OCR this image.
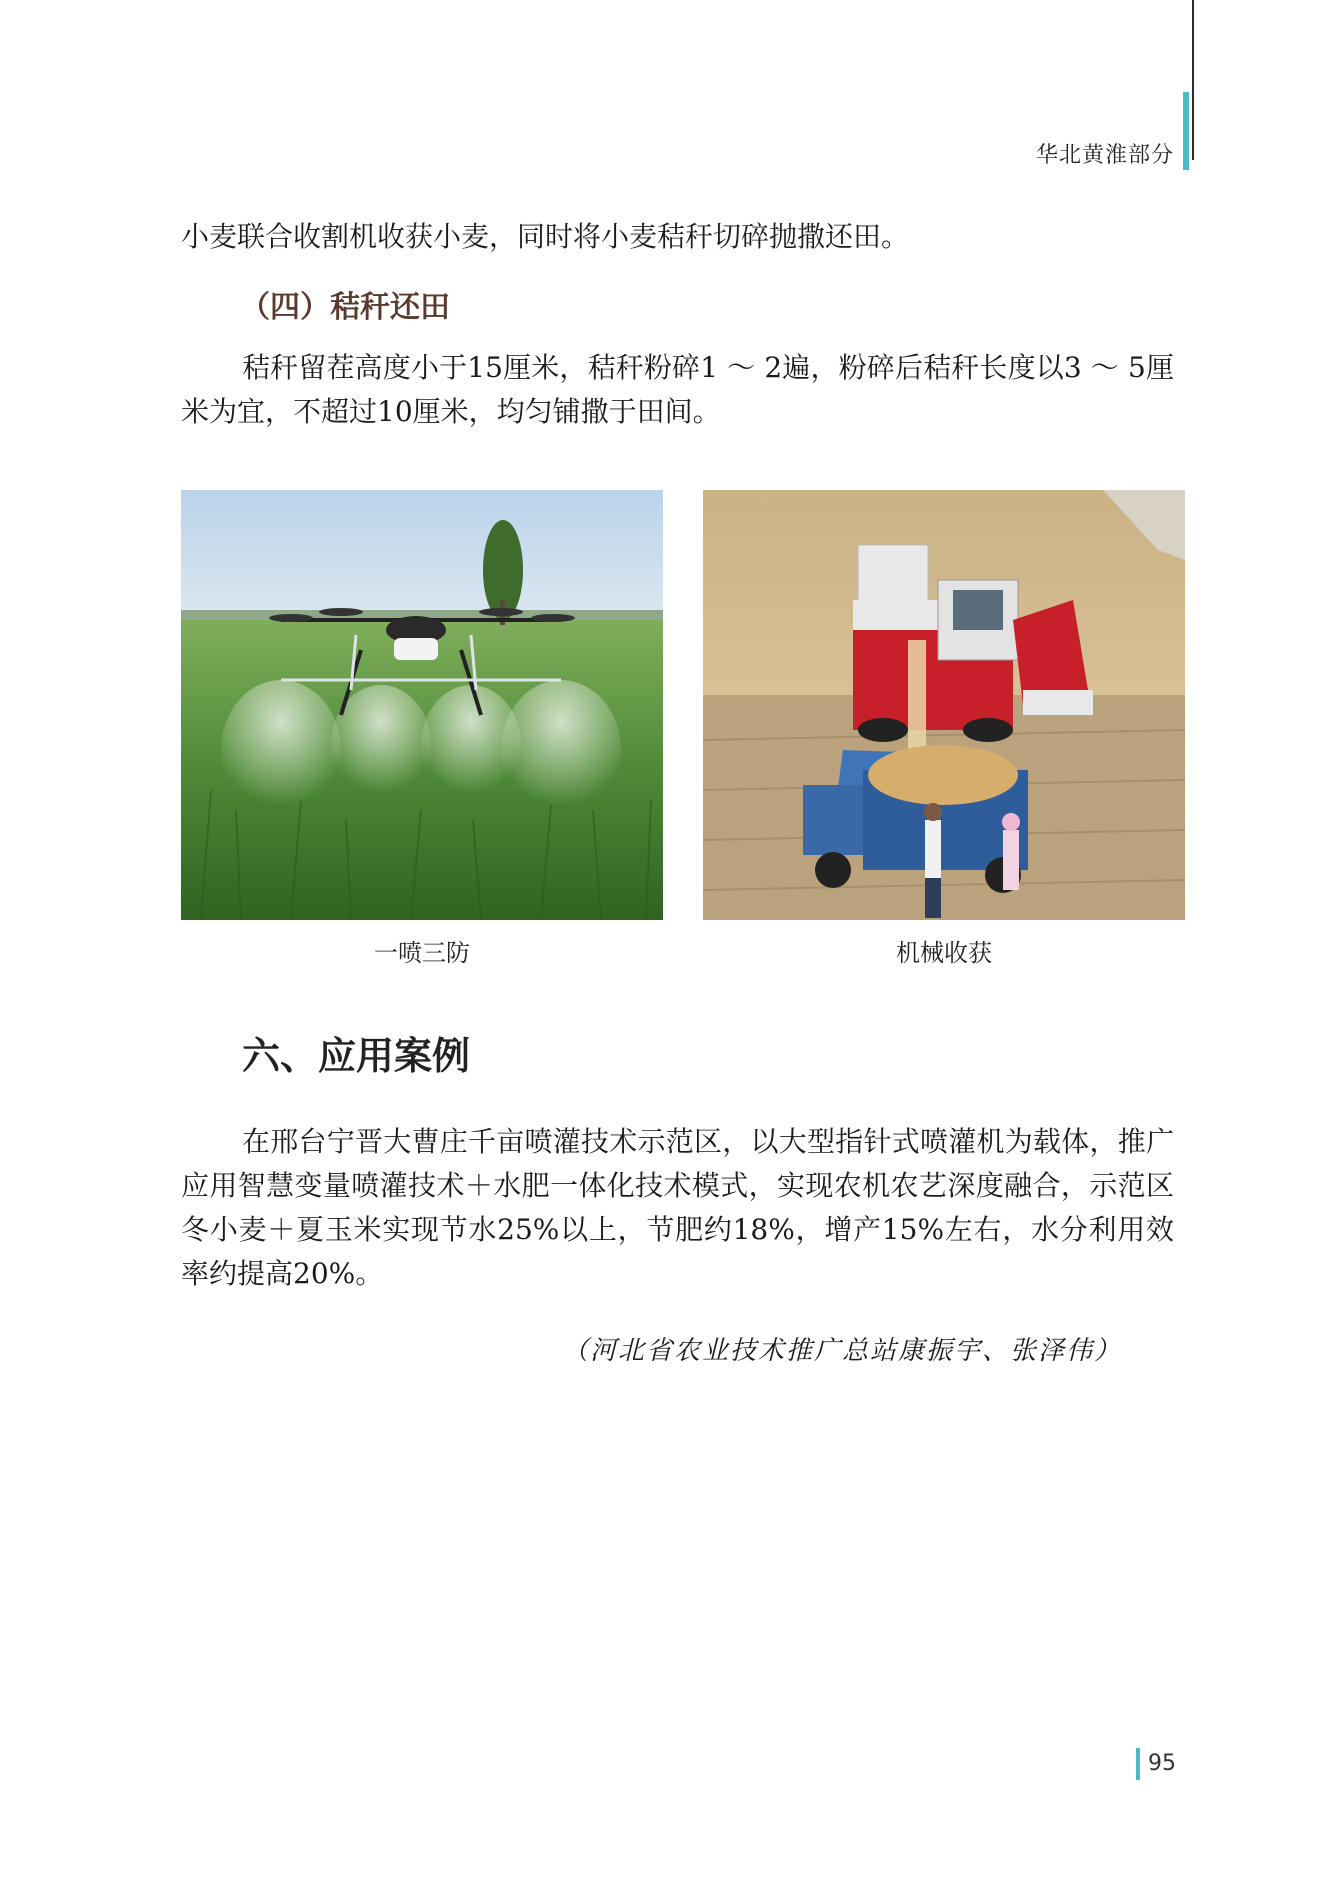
华北黄淮部分

小麦联合收割机收获小麦，同时将小麦秸秆切碎抛撒还田。

（四）秸秆还田

秸秆留茬高度小于15厘米，秸秆粉碎1 ～ 2遍，粉碎后秸秆长度以3 ～ 5厘米为宜，不超过10厘米，均匀铺撒于田间。

一喷三防	机械收获
六、应用案例

在邢台宁晋大曹庄千亩喷灌技术示范区，以大型指针式喷灌机为载体，推广应用智慧变量喷灌技术＋水肥一体化技术模式，实现农机农艺深度融合，示范区冬小麦＋夏玉米实现节水25%以上，节肥约18%，增产15%左右，水分利用效率约提高20%。

（河北省农业技术推广总站康振宇、张泽伟）
95
